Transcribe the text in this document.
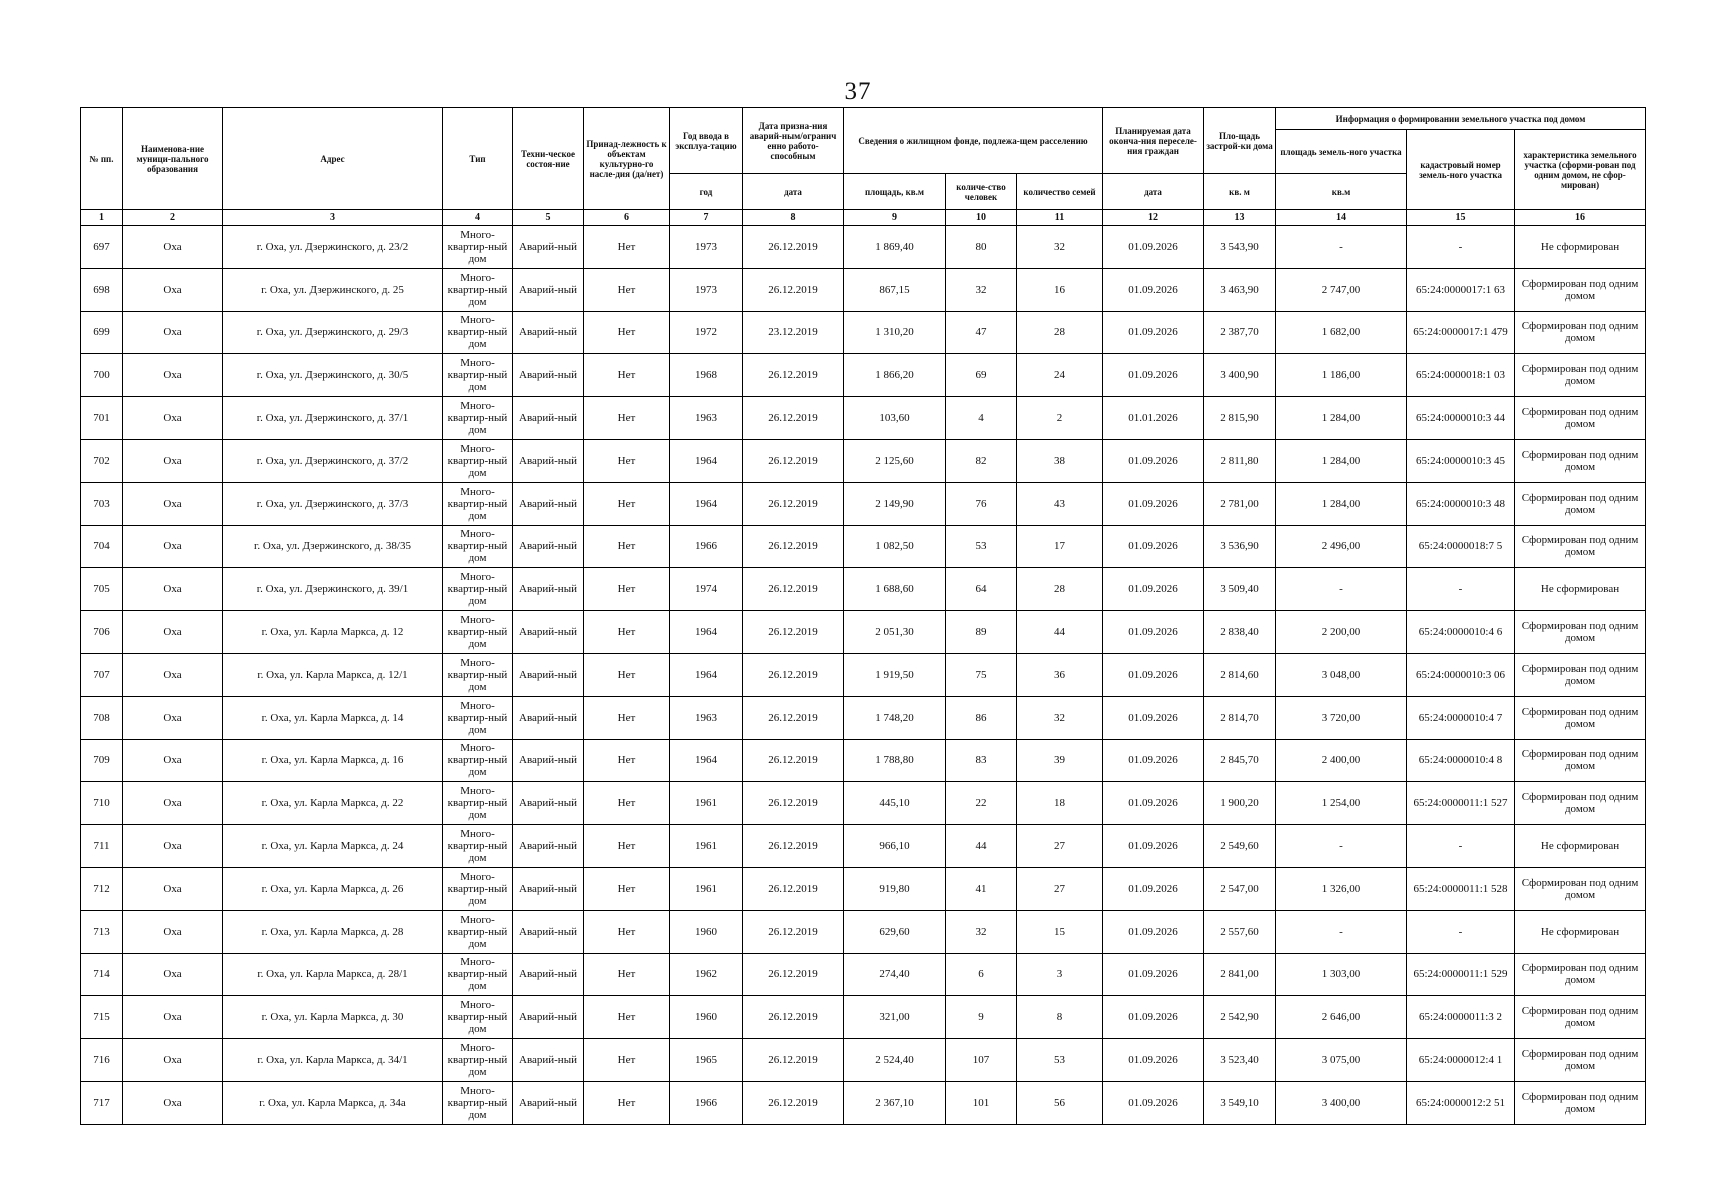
37
№ пп.	Наименова-ние муници-пального образования	Адрес	Тип	Техни-ческое состоя-ние	Принад-лежность к объектам культурно-го насле-дия (да/нет)	Год ввода в эксплуа-тацию	Дата призна-ния аварий-ным/огранич енно работо-способным	Сведения о жилищном фонде, подлежа-щем расселению			Планируемая дата оконча-ния переселе-ния граждан	Пло-щадь застрой-ки дома	Информация о формировании земельного участка под домом		
													площадь земель-ного участка	кадастровый номер земель-ного участка	характеристика земельного участка (сформи-рован под одним домом, не сфор-мирован)
						год	дата	площадь, кв.м	количе-ство человек	количество семей	дата	кв. м	кв.м		
1	2	3	4	5	6	7	8	9	10	11	12	13	14	15	16
697	Оха	г. Оха, ул. Дзержинского, д. 23/2	Много-квартир-ный дом	Аварий-ный	Нет	1973	26.12.2019	1 869,40	80	32	01.09.2026	3 543,90	-	-	Не сформирован
698	Оха	г. Оха, ул. Дзержинского, д. 25	Много-квартир-ный дом	Аварий-ный	Нет	1973	26.12.2019	867,15	32	16	01.09.2026	3 463,90	2 747,00	65:24:0000017:1 63	Сформирован под одним домом
699	Оха	г. Оха, ул. Дзержинского, д. 29/3	Много-квартир-ный дом	Аварий-ный	Нет	1972	23.12.2019	1 310,20	47	28	01.09.2026	2 387,70	1 682,00	65:24:0000017:1 479	Сформирован под одним домом
700	Оха	г. Оха, ул. Дзержинского, д. 30/5	Много-квартир-ный дом	Аварий-ный	Нет	1968	26.12.2019	1 866,20	69	24	01.09.2026	3 400,90	1 186,00	65:24:0000018:1 03	Сформирован под одним домом
701	Оха	г. Оха, ул. Дзержинского, д. 37/1	Много-квартир-ный дом	Аварий-ный	Нет	1963	26.12.2019	103,60	4	2	01.01.2026	2 815,90	1 284,00	65:24:0000010:3 44	Сформирован под одним домом
702	Оха	г. Оха, ул. Дзержинского, д. 37/2	Много-квартир-ный дом	Аварий-ный	Нет	1964	26.12.2019	2 125,60	82	38	01.09.2026	2 811,80	1 284,00	65:24:0000010:3 45	Сформирован под одним домом
703	Оха	г. Оха, ул. Дзержинского, д. 37/3	Много-квартир-ный дом	Аварий-ный	Нет	1964	26.12.2019	2 149,90	76	43	01.09.2026	2 781,00	1 284,00	65:24:0000010:3 48	Сформирован под одним домом
704	Оха	г. Оха, ул. Дзержинского, д. 38/35	Много-квартир-ный дом	Аварий-ный	Нет	1966	26.12.2019	1 082,50	53	17	01.09.2026	3 536,90	2 496,00	65:24:0000018:7 5	Сформирован под одним домом
705	Оха	г. Оха, ул. Дзержинского, д. 39/1	Много-квартир-ный дом	Аварий-ный	Нет	1974	26.12.2019	1 688,60	64	28	01.09.2026	3 509,40	-	-	Не сформирован
706	Оха	г. Оха, ул. Карла Маркса, д. 12	Много-квартир-ный дом	Аварий-ный	Нет	1964	26.12.2019	2 051,30	89	44	01.09.2026	2 838,40	2 200,00	65:24:0000010:4 6	Сформирован под одним домом
707	Оха	г. Оха, ул. Карла Маркса, д. 12/1	Много-квартир-ный дом	Аварий-ный	Нет	1964	26.12.2019	1 919,50	75	36	01.09.2026	2 814,60	3 048,00	65:24:0000010:3 06	Сформирован под одним домом
708	Оха	г. Оха, ул. Карла Маркса, д. 14	Много-квартир-ный дом	Аварий-ный	Нет	1963	26.12.2019	1 748,20	86	32	01.09.2026	2 814,70	3 720,00	65:24:0000010:4 7	Сформирован под одним домом
709	Оха	г. Оха, ул. Карла Маркса, д. 16	Много-квартир-ный дом	Аварий-ный	Нет	1964	26.12.2019	1 788,80	83	39	01.09.2026	2 845,70	2 400,00	65:24:0000010:4 8	Сформирован под одним домом
710	Оха	г. Оха, ул. Карла Маркса, д. 22	Много-квартир-ный дом	Аварий-ный	Нет	1961	26.12.2019	445,10	22	18	01.09.2026	1 900,20	1 254,00	65:24:0000011:1 527	Сформирован под одним домом
711	Оха	г. Оха, ул. Карла Маркса, д. 24	Много-квартир-ный дом	Аварий-ный	Нет	1961	26.12.2019	966,10	44	27	01.09.2026	2 549,60	-	-	Не сформирован
712	Оха	г. Оха, ул. Карла Маркса, д. 26	Много-квартир-ный дом	Аварий-ный	Нет	1961	26.12.2019	919,80	41	27	01.09.2026	2 547,00	1 326,00	65:24:0000011:1 528	Сформирован под одним домом
713	Оха	г. Оха, ул. Карла Маркса, д. 28	Много-квартир-ный дом	Аварий-ный	Нет	1960	26.12.2019	629,60	32	15	01.09.2026	2 557,60	-	-	Не сформирован
714	Оха	г. Оха, ул. Карла Маркса, д. 28/1	Много-квартир-ный дом	Аварий-ный	Нет	1962	26.12.2019	274,40	6	3	01.09.2026	2 841,00	1 303,00	65:24:0000011:1 529	Сформирован под одним домом
715	Оха	г. Оха, ул. Карла Маркса, д. 30	Много-квартир-ный дом	Аварий-ный	Нет	1960	26.12.2019	321,00	9	8	01.09.2026	2 542,90	2 646,00	65:24:0000011:3 2	Сформирован под одним домом
716	Оха	г. Оха, ул. Карла Маркса, д. 34/1	Много-квартир-ный дом	Аварий-ный	Нет	1965	26.12.2019	2 524,40	107	53	01.09.2026	3 523,40	3 075,00	65:24:0000012:4 1	Сформирован под одним домом
717	Оха	г. Оха, ул. Карла Маркса, д. 34а	Много-квартир-ный дом	Аварий-ный	Нет	1966	26.12.2019	2 367,10	101	56	01.09.2026	3 549,10	3 400,00	65:24:0000012:2 51	Сформирован под одним домом
